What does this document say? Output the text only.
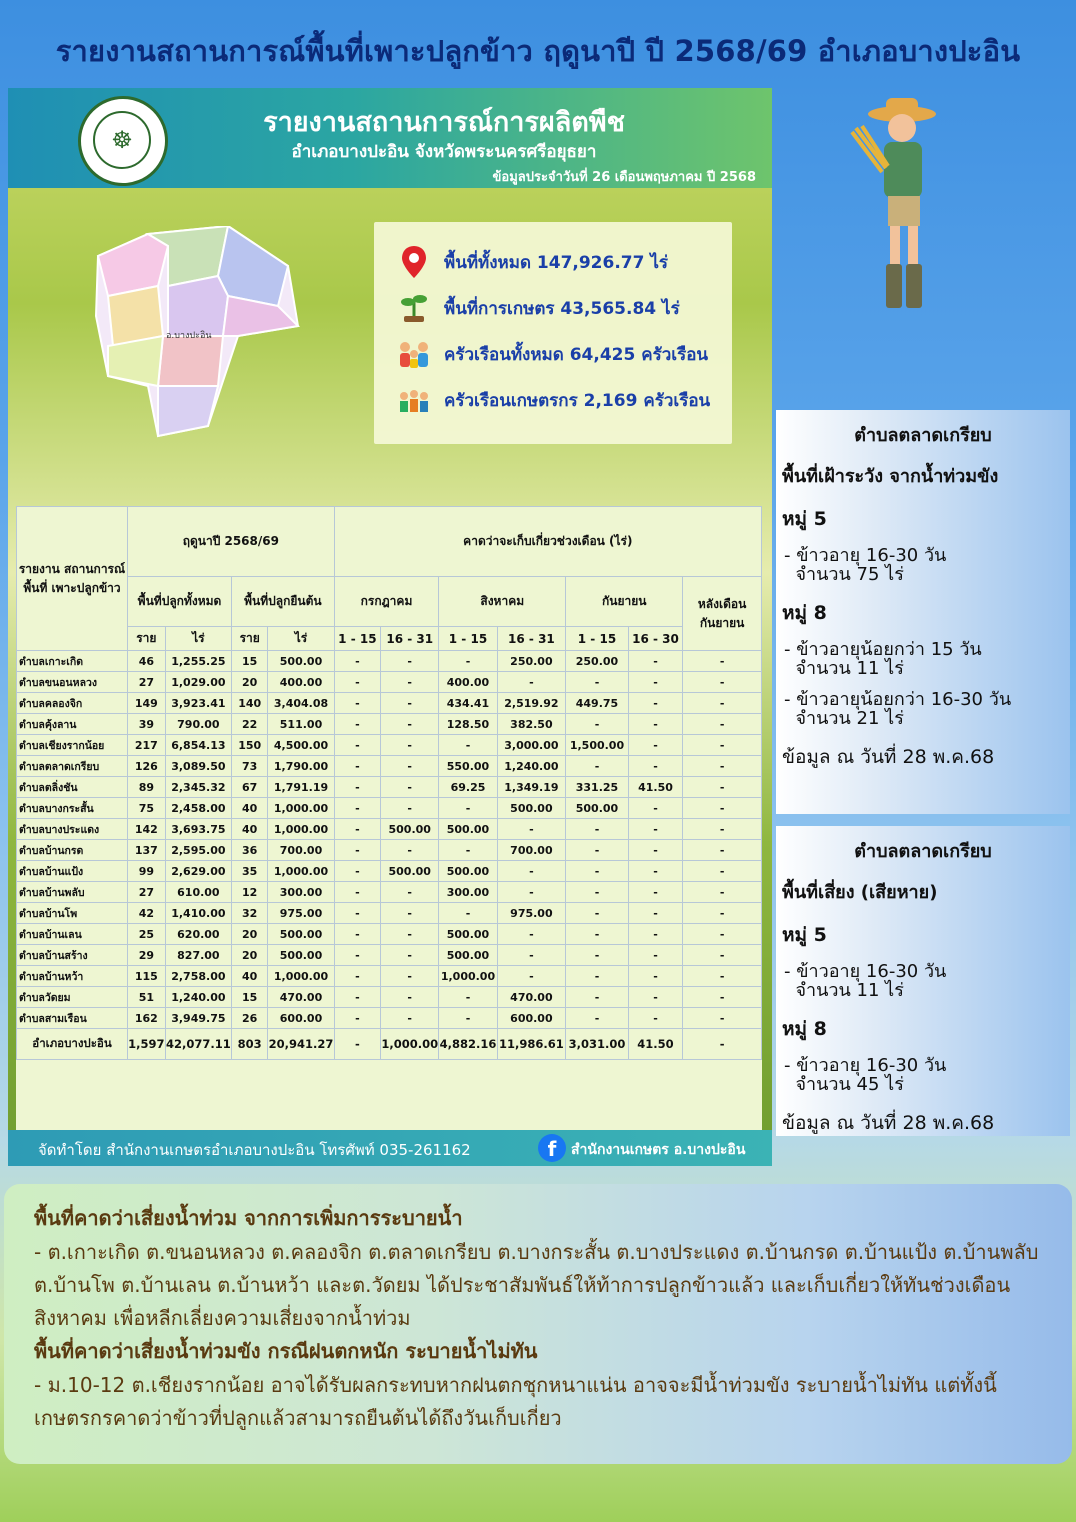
รายงานสถานการณ์พื้นที่เพาะปลูกข้าว ฤดูนาปี ปี 2568/69 อำเภอบางปะอิน
☸
รายงานสถานการณ์การผลิตพืช
อำเภอบางปะอิน จังหวัดพระนครศรีอยุธยา
ข้อมูลประจำวันที่ 26 เดือนพฤษภาคม ปี 2568
อ.บางปะอิน
พื้นที่ทั้งหมด 147,926.77 ไร่
พื้นที่การเกษตร 43,565.84 ไร่
ครัวเรือนทั้งหมด 64,425 ครัวเรือน
ครัวเรือนเกษตรกร 2,169 ครัวเรือน
รายงาน สถานการณ์ พื้นที่ เพาะปลูกข้าว	ฤดูนาปี 2568/69				คาดว่าจะเก็บเกี่ยวช่วงเดือน (ไร่)						
	พื้นที่ปลูกทั้งหมด		พื้นที่ปลูกยืนต้น		กรกฎาคม		สิงหาคม		กันยายน		หลังเดือน กันยายน
	ราย	ไร่	ราย	ไร่	1 - 15	16 - 31	1 - 15	16 - 31	1 - 15	16 - 30	
ตำบลเกาะเกิด	46	1,255.25	15	500.00	-	-	-	250.00	250.00	-	-
ตำบลขนอนหลวง	27	1,029.00	20	400.00	-	-	400.00	-	-	-	-
ตำบลคลองจิก	149	3,923.41	140	3,404.08	-	-	434.41	2,519.92	449.75	-	-
ตำบลคุ้งลาน	39	790.00	22	511.00	-	-	128.50	382.50	-	-	-
ตำบลเชียงรากน้อย	217	6,854.13	150	4,500.00	-	-	-	3,000.00	1,500.00	-	-
ตำบลตลาดเกรียบ	126	3,089.50	73	1,790.00	-	-	550.00	1,240.00	-	-	-
ตำบลตลิ่งชัน	89	2,345.32	67	1,791.19	-	-	69.25	1,349.19	331.25	41.50	-
ตำบลบางกระสั้น	75	2,458.00	40	1,000.00	-	-	-	500.00	500.00	-	-
ตำบลบางประแดง	142	3,693.75	40	1,000.00	-	500.00	500.00	-	-	-	-
ตำบลบ้านกรด	137	2,595.00	36	700.00	-	-	-	700.00	-	-	-
ตำบลบ้านแป้ง	99	2,629.00	35	1,000.00	-	500.00	500.00	-	-	-	-
ตำบลบ้านพลับ	27	610.00	12	300.00	-	-	300.00	-	-	-	-
ตำบลบ้านโพ	42	1,410.00	32	975.00	-	-	-	975.00	-	-	-
ตำบลบ้านเลน	25	620.00	20	500.00	-	-	500.00	-	-	-	-
ตำบลบ้านสร้าง	29	827.00	20	500.00	-	-	500.00	-	-	-	-
ตำบลบ้านหว้า	115	2,758.00	40	1,000.00	-	-	1,000.00	-	-	-	-
ตำบลวัดยม	51	1,240.00	15	470.00	-	-	-	470.00	-	-	-
ตำบลสามเรือน	162	3,949.75	26	600.00	-	-	-	600.00	-	-	-
อำเภอบางปะอิน	1,597	42,077.11	803	20,941.27	-	1,000.00	4,882.16	11,986.61	3,031.00	41.50	-
จัดทำโดย สำนักงานเกษตรอำเภอบางปะอิน โทรศัพท์ 035-261162	f	สำนักงานเกษตร อ.บางปะอิน
ตำบลตลาดเกรียบ
พื้นที่เฝ้าระวัง จากน้ำท่วมขัง
หมู่ 5
- ข้าวอายุ 16-30 วัน
จำนวน 75 ไร่
หมู่ 8
- ข้าวอายุน้อยกว่า 15 วัน
จำนวน 11 ไร่
- ข้าวอายุน้อยกว่า 16-30 วัน
จำนวน 21 ไร่
ข้อมูล ณ วันที่ 28 พ.ค.68
ตำบลตลาดเกรียบ
พื้นที่เสี่ยง (เสียหาย)
หมู่ 5
- ข้าวอายุ 16-30 วัน
จำนวน 11 ไร่
หมู่ 8
- ข้าวอายุ 16-30 วัน
จำนวน 45 ไร่
ข้อมูล ณ วันที่ 28 พ.ค.68
พื้นที่คาดว่าเสี่ยงน้ำท่วม จากการเพิ่มการระบายน้ำ
- ต.เกาะเกิด ต.ขนอนหลวง ต.คลองจิก ต.ตลาดเกรียบ ต.บางกระสั้น ต.บางประแดง ต.บ้านกรด ต.บ้านแป้ง ต.บ้านพลับ ต.บ้านโพ ต.บ้านเลน ต.บ้านหว้า และต.วัดยม ได้ประชาสัมพันธ์ให้ท้าการปลูกข้าวแล้ว และเก็บเกี่ยวให้ทันช่วงเดือนสิงหาคม เพื่อหลีกเลี่ยงความเสี่ยงจากน้ำท่วม
พื้นที่คาดว่าเสี่ยงน้ำท่วมขัง กรณีฝนตกหนัก ระบายน้ำไม่ทัน
- ม.10-12 ต.เชียงรากน้อย อาจได้รับผลกระทบหากฝนตกชุกหนาแน่น อาจจะมีน้ำท่วมขัง ระบายน้ำไม่ทัน แต่ทั้งนี้ เกษตรกรคาดว่าข้าวที่ปลูกแล้วสามารถยืนต้นได้ถึงวันเก็บเกี่ยว
